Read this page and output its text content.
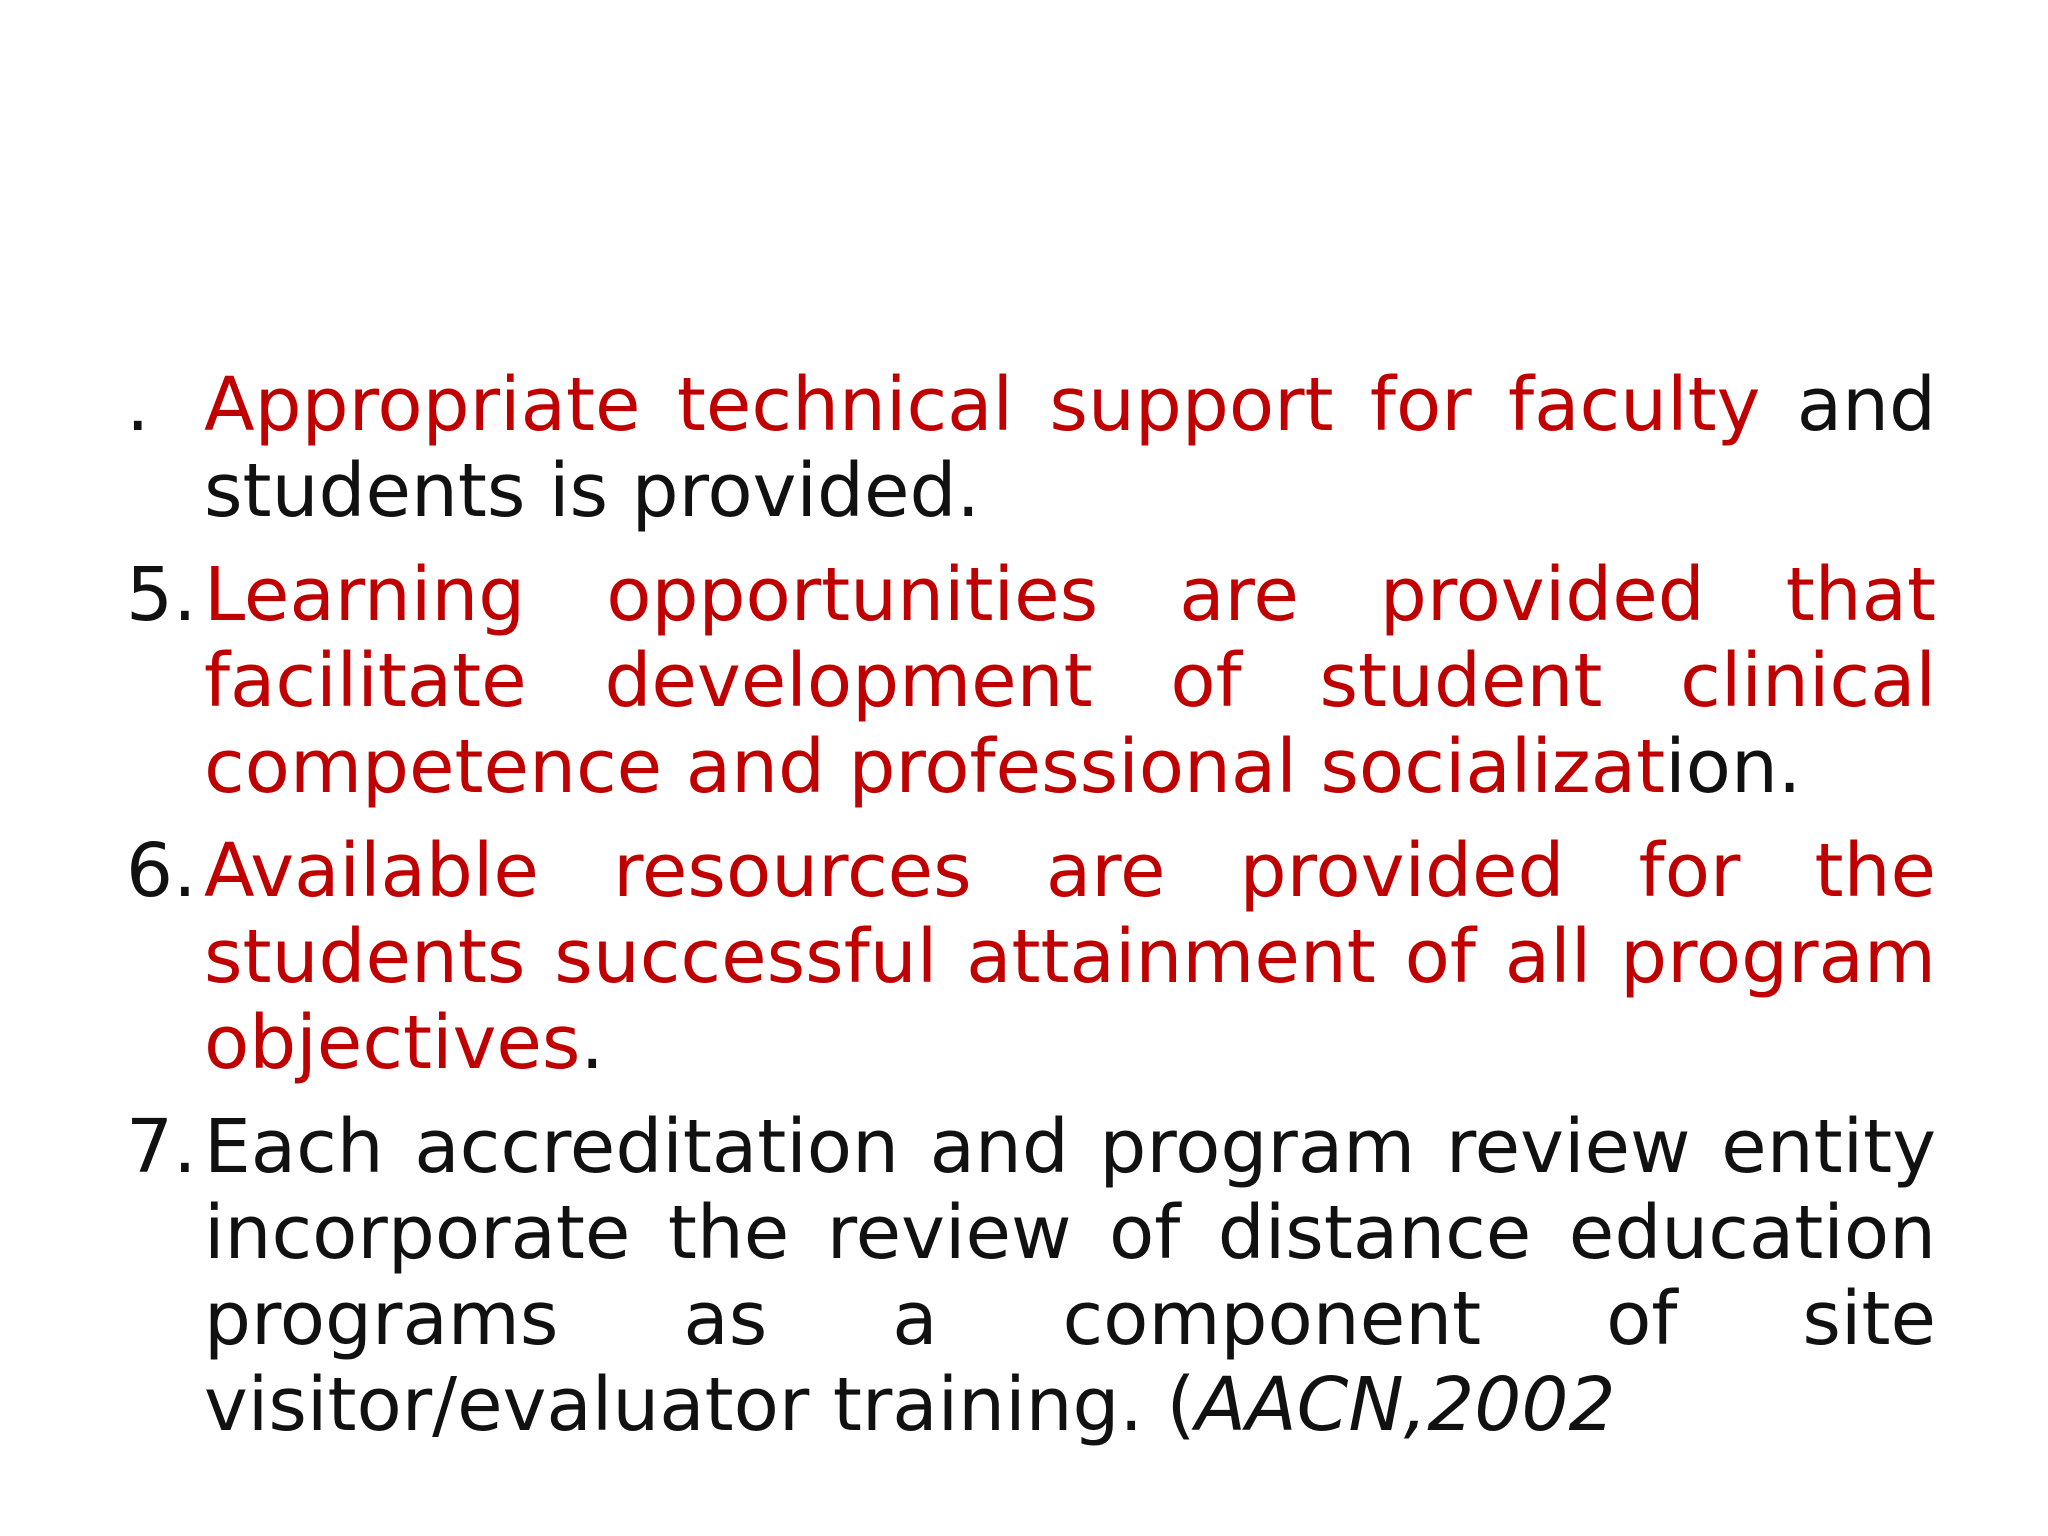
. Appropriate technical support for faculty and students is provided.
5. Learning opportunities are provided that facilitate development of student clinical competence and professional socialization.
6. Available resources are provided for the students successful attainment of all program objectives.
7. Each accreditation and program review entity incorporate the review of distance education programs as a component of site visitor/evaluator training. (AACN,2002
